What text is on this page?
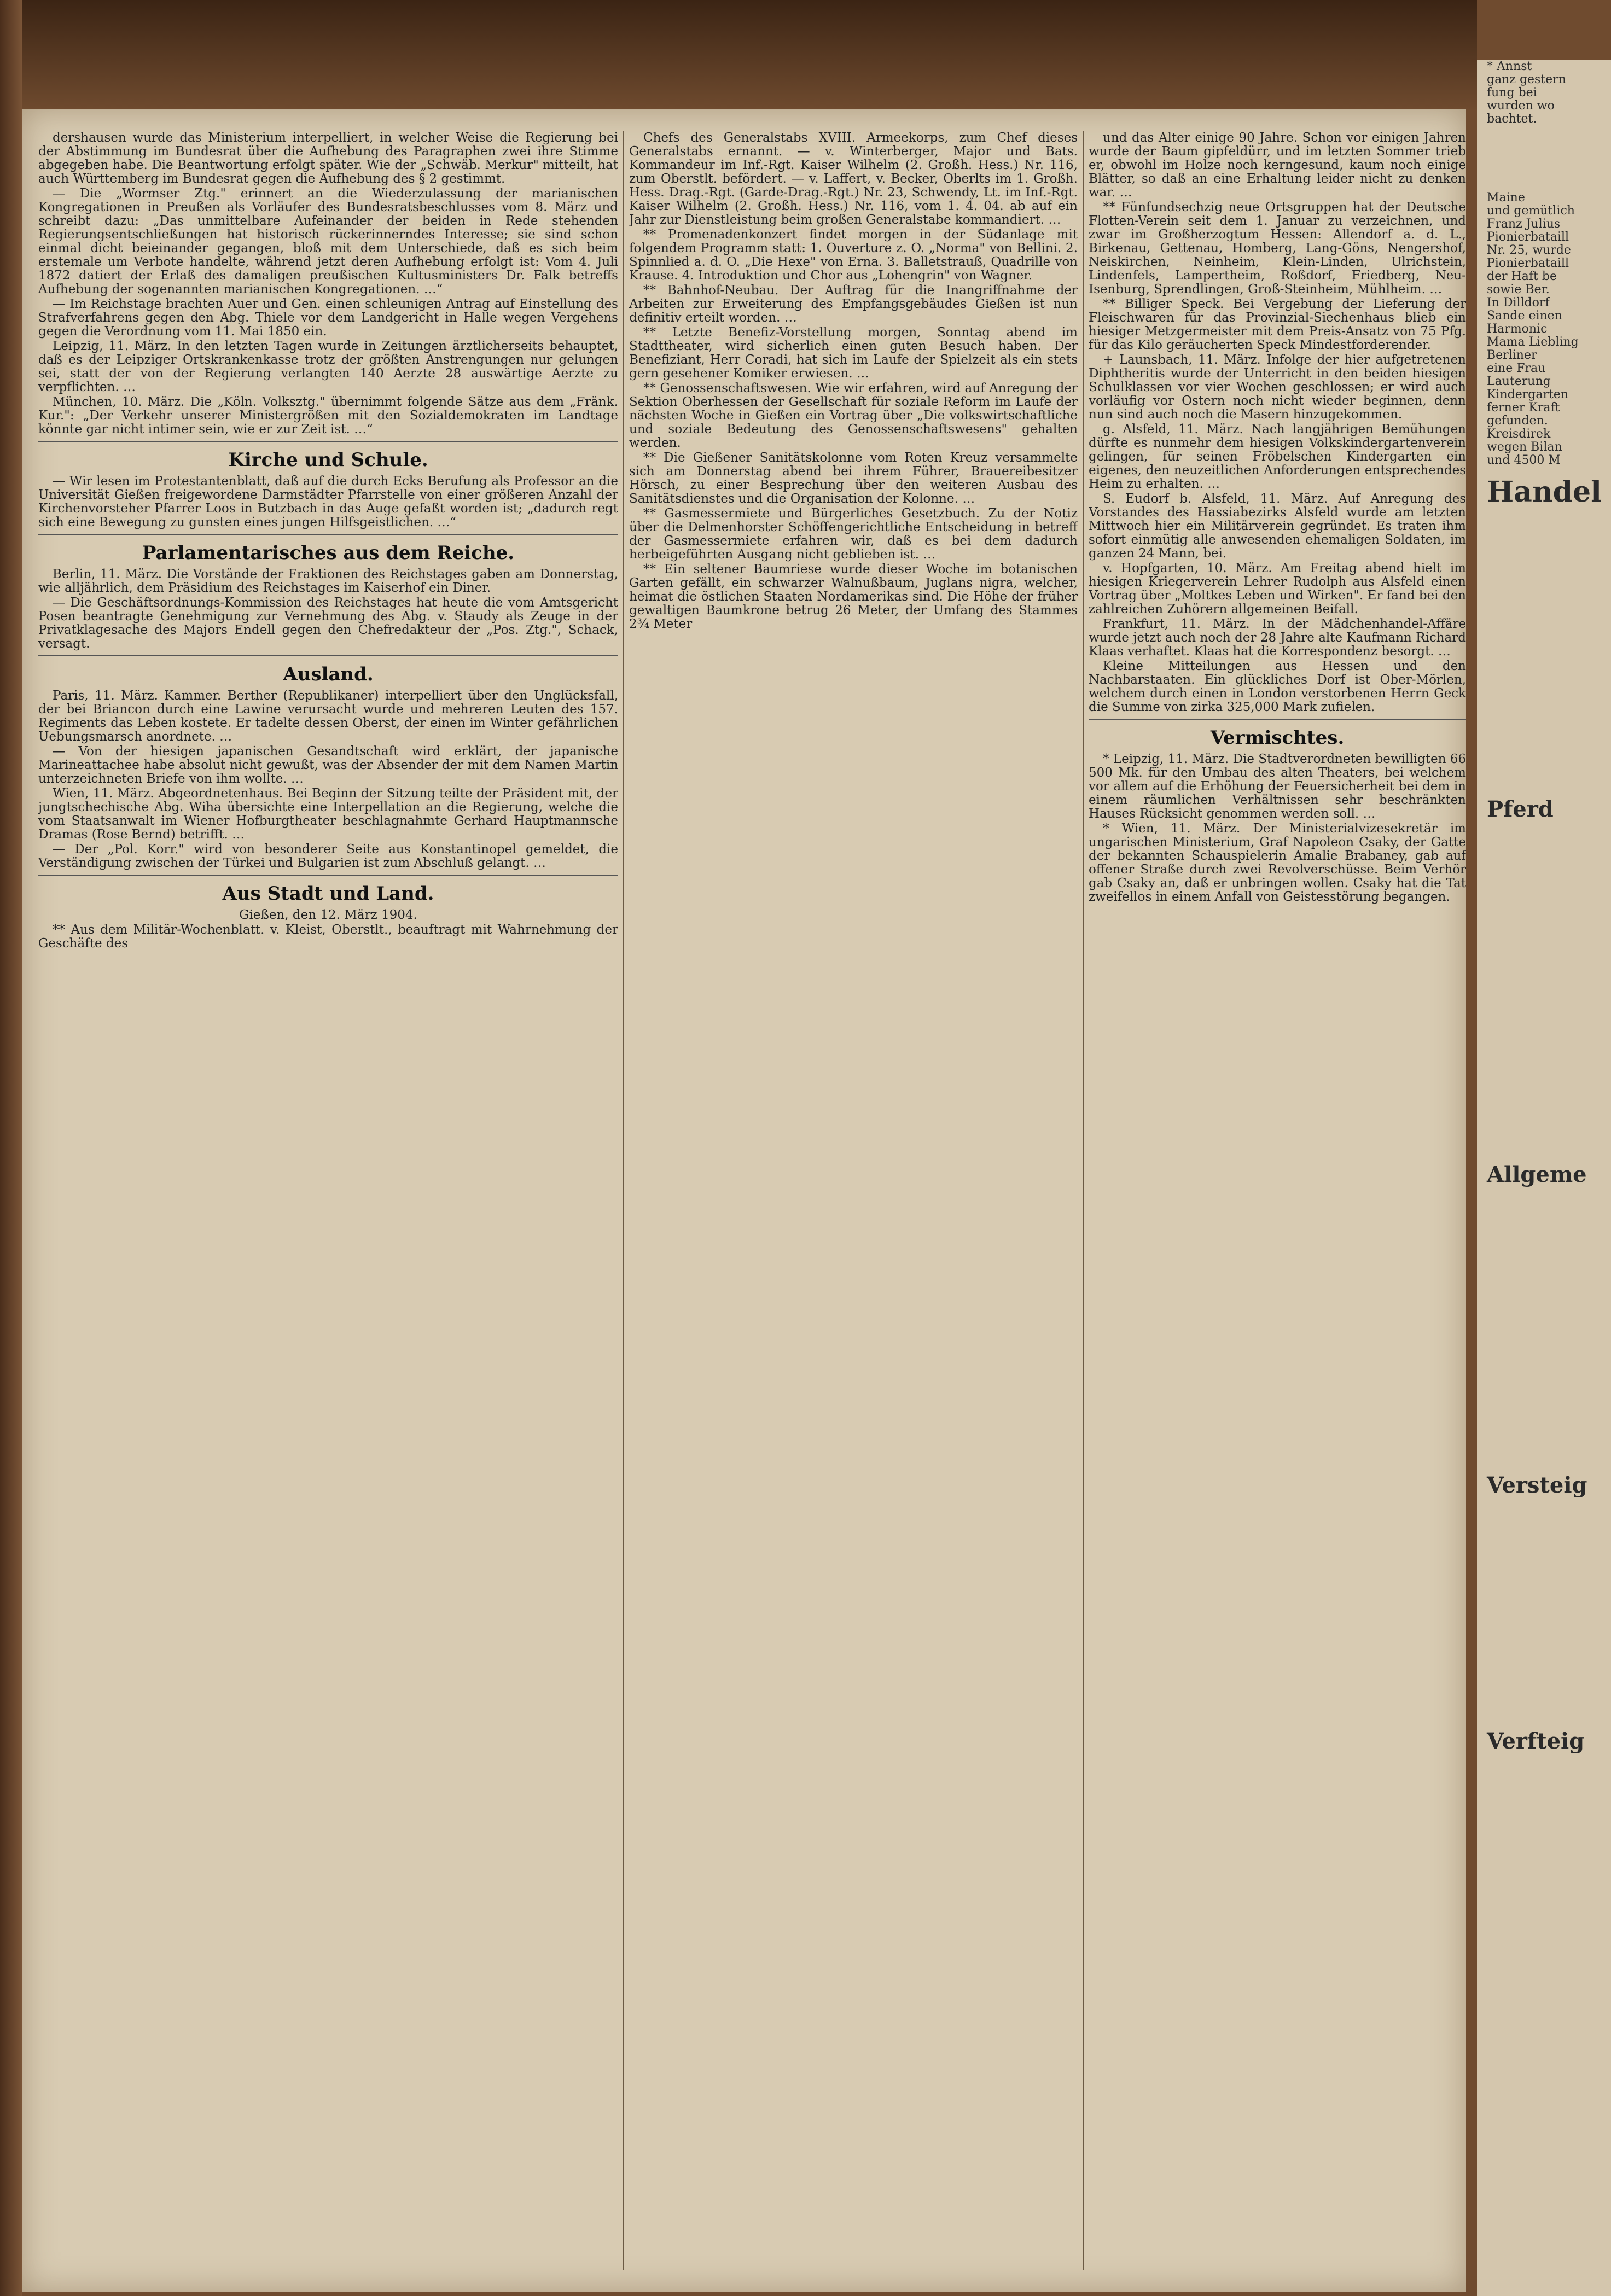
dershausen wurde das Ministerium interpelliert, in welcher Weise die Regierung bei der Abstimmung im Bundesrat über die Aufhebung des Paragraphen zwei ihre Stimme abgegeben habe. Die Beantwortung erfolgt später. Wie der „Schwäb. Merkur" mitteilt, hat auch Württemberg im Bundesrat gegen die Aufhebung des § 2 gestimmt.

— Die „Wormser Ztg." erinnert an die Wiederzulassung der marianischen Kongregationen in Preußen als Vorläufer des Bundesratsbeschlusses vom 8. März und schreibt dazu: „Das unmittelbare Aufeinander der beiden in Rede stehenden Regierungsentschließungen hat historisch rückerinnerndes Interesse; sie sind schon einmal dicht beieinander gegangen, bloß mit dem Unterschiede, daß es sich beim erstemale um Verbote handelte, während jetzt deren Aufhebung erfolgt ist: Vom 4. Juli 1872 datiert der Erlaß des damaligen preußischen Kultusministers Dr. Falk betreffs Aufhebung der sogenannten marianischen Kongregationen. …“

— Im Reichstage brachten Auer und Gen. einen schleunigen Antrag auf Einstellung des Strafverfahrens gegen den Abg. Thiele vor dem Landgericht in Halle wegen Vergehens gegen die Verordnung vom 11. Mai 1850 ein.

Leipzig, 11. März. In den letzten Tagen wurde in Zeitungen ärztlicherseits behauptet, daß es der Leipziger Ortskrankenkasse trotz der größten Anstrengungen nur gelungen sei, statt der von der Regierung verlangten 140 Aerzte 28 auswärtige Aerzte zu verpflichten. …

München, 10. März. Die „Köln. Volksztg." übernimmt folgende Sätze aus dem „Fränk. Kur.": „Der Verkehr unserer Ministergrößen mit den Sozialdemokraten im Landtage könnte gar nicht intimer sein, wie er zur Zeit ist. …“

Kirche und Schule.

— Wir lesen im Protestantenblatt, daß auf die durch Ecks Berufung als Professor an die Universität Gießen freigewordene Darmstädter Pfarrstelle von einer größeren Anzahl der Kirchenvorsteher Pfarrer Loos in Butzbach in das Auge gefaßt worden ist; „dadurch regt sich eine Bewegung zu gunsten eines jungen Hilfsgeistlichen. …“

Parlamentarisches aus dem Reiche.

Berlin, 11. März. Die Vorstände der Fraktionen des Reichstages gaben am Donnerstag, wie alljährlich, dem Präsidium des Reichstages im Kaiserhof ein Diner.

— Die Geschäftsordnungs-Kommission des Reichstages hat heute die vom Amtsgericht Posen beantragte Genehmigung zur Vernehmung des Abg. v. Staudy als Zeuge in der Privatklagesache des Majors Endell gegen den Chefredakteur der „Pos. Ztg.", Schack, versagt.

Ausland.

Paris, 11. März. Kammer. Berther (Republikaner) interpelliert über den Unglücksfall, der bei Briancon durch eine Lawine verursacht wurde und mehreren Leuten des 157. Regiments das Leben kostete. Er tadelte dessen Oberst, der einen im Winter gefährlichen Uebungsmarsch anordnete. …

— Von der hiesigen japanischen Gesandtschaft wird erklärt, der japanische Marineattachee habe absolut nicht gewußt, was der Absender der mit dem Namen Martin unterzeichneten Briefe von ihm wollte. …

Wien, 11. März. Abgeordnetenhaus. Bei Beginn der Sitzung teilte der Präsident mit, der jungtschechische Abg. Wiha übersichte eine Interpellation an die Regierung, welche die vom Staatsanwalt im Wiener Hofburgtheater beschlagnahmte Gerhard Hauptmannsche Dramas (Rose Bernd) betrifft. …

— Der „Pol. Korr." wird von besonderer Seite aus Konstantinopel gemeldet, die Verständigung zwischen der Türkei und Bulgarien ist zum Abschluß gelangt. …

Aus Stadt und Land.

Gießen, den 12. März 1904.

** Aus dem Militär-Wochenblatt. v. Kleist, Oberstlt., beauftragt mit Wahrnehmung der Geschäfte des

Chefs des Generalstabs XVIII. Armeekorps, zum Chef dieses Generalstabs ernannt. — v. Winterberger, Major und Bats. Kommandeur im Inf.-Rgt. Kaiser Wilhelm (2. Großh. Hess.) Nr. 116, zum Oberstlt. befördert. — v. Laffert, v. Becker, Oberlts im 1. Großh. Hess. Drag.-Rgt. (Garde-Drag.-Rgt.) Nr. 23, Schwendy, Lt. im Inf.-Rgt. Kaiser Wilhelm (2. Großh. Hess.) Nr. 116, vom 1. 4. 04. ab auf ein Jahr zur Dienstleistung beim großen Generalstabe kommandiert. …

** Promenadenkonzert findet morgen in der Südanlage mit folgendem Programm statt: 1. Ouverture z. O. „Norma" von Bellini. 2. Spinnlied a. d. O. „Die Hexe" von Erna. 3. Balletstrauß, Quadrille von Krause. 4. Introduktion und Chor aus „Lohengrin" von Wagner.

** Bahnhof-Neubau. Der Auftrag für die Inangriffnahme der Arbeiten zur Erweiterung des Empfangsgebäudes Gießen ist nun definitiv erteilt worden. …

** Letzte Benefiz-Vorstellung morgen, Sonntag abend im Stadttheater, wird sicherlich einen guten Besuch haben. Der Benefiziant, Herr Coradi, hat sich im Laufe der Spielzeit als ein stets gern gesehener Komiker erwiesen. …

** Genossenschaftswesen. Wie wir erfahren, wird auf Anregung der Sektion Oberhessen der Gesellschaft für soziale Reform im Laufe der nächsten Woche in Gießen ein Vortrag über „Die volkswirtschaftliche und soziale Bedeutung des Genossenschaftswesens" gehalten werden.

** Die Gießener Sanitätskolonne vom Roten Kreuz versammelte sich am Donnerstag abend bei ihrem Führer, Brauereibesitzer Hörsch, zu einer Besprechung über den weiteren Ausbau des Sanitätsdienstes und die Organisation der Kolonne. …

** Gasmessermiete und Bürgerliches Gesetzbuch. Zu der Notiz über die Delmenhorster Schöffengerichtliche Entscheidung in betreff der Gasmessermiete erfahren wir, daß es bei dem dadurch herbeigeführten Ausgang nicht geblieben ist. …

** Ein seltener Baumriese wurde dieser Woche im botanischen Garten gefällt, ein schwarzer Walnußbaum, Juglans nigra, welcher, heimat die östlichen Staaten Nordamerikas sind. Die Höhe der früher gewaltigen Baumkrone betrug 26 Meter, der Umfang des Stammes 2¾ Meter

und das Alter einige 90 Jahre. Schon vor einigen Jahren wurde der Baum gipfeldürr, und im letzten Sommer trieb er, obwohl im Holze noch kerngesund, kaum noch einige Blätter, so daß an eine Erhaltung leider nicht zu denken war. …

** Fünfundsechzig neue Ortsgruppen hat der Deutsche Flotten-Verein seit dem 1. Januar zu verzeichnen, und zwar im Großherzogtum Hessen: Allendorf a. d. L., Birkenau, Gettenau, Homberg, Lang-Göns, Nengershof, Neiskirchen, Neinheim, Klein-Linden, Ulrichstein, Lindenfels, Lampertheim, Roßdorf, Friedberg, Neu-Isenburg, Sprendlingen, Groß-Steinheim, Mühlheim. …

** Billiger Speck. Bei Vergebung der Lieferung der Fleischwaren für das Provinzial-Siechenhaus blieb ein hiesiger Metzgermeister mit dem Preis-Ansatz von 75 Pfg. für das Kilo geräucherten Speck Mindestforderender.

+ Launsbach, 11. März. Infolge der hier aufgetretenen Diphtheritis wurde der Unterricht in den beiden hiesigen Schulklassen vor vier Wochen geschlossen; er wird auch vorläufig vor Ostern noch nicht wieder beginnen, denn nun sind auch noch die Masern hinzugekommen.

g. Alsfeld, 11. März. Nach langjährigen Bemühungen dürfte es nunmehr dem hiesigen Volkskindergartenverein gelingen, für seinen Fröbelschen Kindergarten ein eigenes, den neuzeitlichen Anforderungen entsprechendes Heim zu erhalten. …

S. Eudorf b. Alsfeld, 11. März. Auf Anregung des Vorstandes des Hassiabezirks Alsfeld wurde am letzten Mittwoch hier ein Militärverein gegründet. Es traten ihm sofort einmütig alle anwesenden ehemaligen Soldaten, im ganzen 24 Mann, bei.

v. Hopfgarten, 10. März. Am Freitag abend hielt im hiesigen Kriegerverein Lehrer Rudolph aus Alsfeld einen Vortrag über „Moltkes Leben und Wirken". Er fand bei den zahlreichen Zuhörern allgemeinen Beifall.

Frankfurt, 11. März. In der Mädchenhandel-Affäre wurde jetzt auch noch der 28 Jahre alte Kaufmann Richard Klaas verhaftet. Klaas hat die Korrespondenz besorgt. …

Kleine Mitteilungen aus Hessen und den Nachbarstaaten. Ein glückliches Dorf ist Ober-Mörlen, welchem durch einen in London verstorbenen Herrn Geck die Summe von zirka 325,000 Mark zufielen.

Vermischtes.

* Leipzig, 11. März. Die Stadtverordneten bewilligten 66 500 Mk. für den Umbau des alten Theaters, bei welchem vor allem auf die Erhöhung der Feuersicherheit bei dem in einem räumlichen Verhältnissen sehr beschränkten Hauses Rücksicht genommen werden soll. …

* Wien, 11. März. Der Ministerialvizesekretär im ungarischen Ministerium, Graf Napoleon Csaky, der Gatte der bekannten Schauspielerin Amalie Brabaney, gab auf offener Straße durch zwei Revolverschüsse. Beim Verhör gab Csaky an, daß er unbringen wollen. Csaky hat die Tat zweifellos in einem Anfall von Geistesstörung begangen.

* Annst
ganz gestern
fung bei
wurden wo
bachtet.
Maine
und gemütlich
Franz Julius
Pionierbataill
Nr. 25, wurde
Pionierbataill
der Haft be
sowie Ber.
In Dilldorf
Sande einen
Harmonic
Mama Liebling
Berliner
eine Frau
Lauterung
Kindergarten
ferner Kraft
gefunden.
Kreisdirek
wegen Bilan
und 4500 M
Handel
Pferd
Allgeme
Versteig
Verfteig
